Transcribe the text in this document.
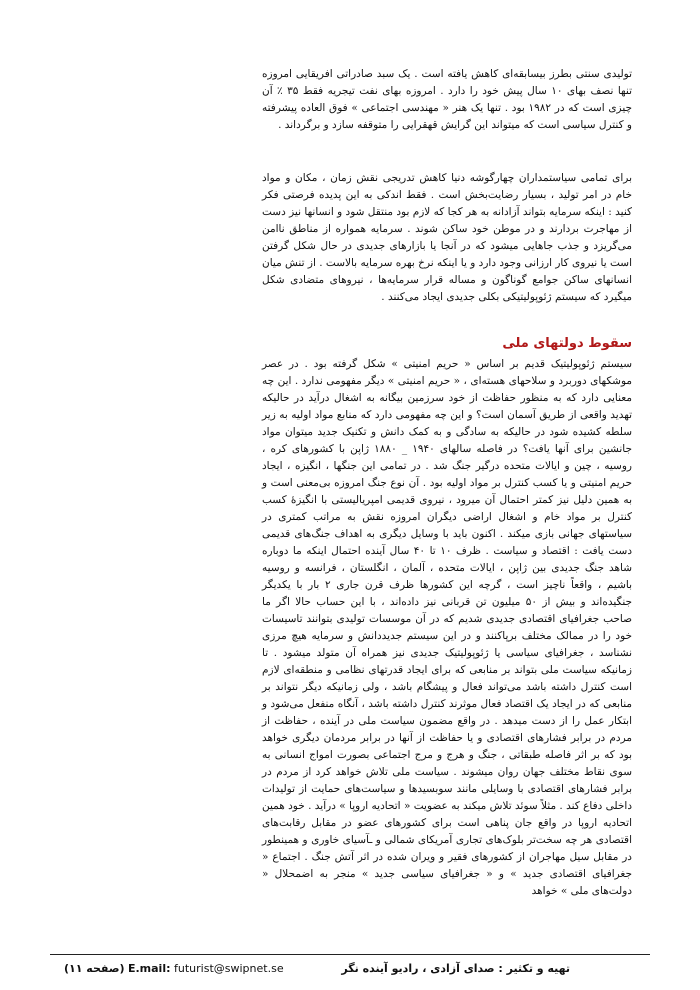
تولیدی سنتی بطرز بیسابقه‌ای کاهش یافته است . یک سبد صادراتی افریقایی امروزه تنها نصف بهای ۱۰ سال پیش خود را دارد . امروزه بهای نفت تیجریه فقط ۳۵ ٪ آن چیزی است که در ۱۹۸۲ بود . تنها یک هنر « مهندسی اجتماعی » فوق العاده پیشرفته و کنترل سیاسی است که میتواند این گرایش قهقرایی را متوقفه سازد و برگرداند .

برای تمامی سیاستمداران چهارگوشه دنیا کاهش تدریجی نقش زمان ، مکان و مواد خام در امر تولید ، بسیار رضایت‌بخش است . فقط اندکی به این پدیده فرصتی فکر کنید : اینکه سرمایه بتواند آزادانه به هر کجا که لازم بود منتقل شود و انسانها نیز دست از مهاجرت بردارند و در موطن خود ساکن شوند . سرمایه همواره از مناطق ناامن می‌گریزد و جذب جاهایی میشود که در آنجا یا بازارهای جدیدی در حال شکل گرفتن است یا نیروی کار ارزانی وجود دارد و یا اینکه نرخ بهره سرمایه بالاست . از تنش میان انسانهای ساکن جوامع گوناگون و مساله قرار سرمایه‌ها ، نیروهای متضادی شکل میگیرد که سیستم ژئوپولیتیکی بکلی جدیدی ایجاد می‌کنند .

سقوط دولتهای ملی

سیستم ژئوپولیتیک قدیم بر اساس « حریم امنیتی » شکل گرفته بود . در عصر موشکهای دوربرد و سلاحهای هسته‌ای ، « حریم امنیتی » دیگر مفهومی ندارد . این چه معنایی دارد که به منظور حفاظت از خود سرزمین بیگانه به اشغال درآید در حالیکه تهدید واقعی از طریق آسمان است؟ و این چه مفهومی دارد که منابع مواد اولیه به زیر سلطه کشیده شود در حالیکه به سادگی و به کمک دانش و تکنیک جدید میتوان مواد جانشین برای آنها یافت؟ در فاصله سالهای ۱۹۴۰ _ ۱۸۸۰ ژاپن با کشورهای کره ، روسیه ، چین و ایالات متحده درگیر جنگ شد . در تمامی این جنگها ، انگیزه ، ایجاد حریم امنیتی و یا کسب کنترل بر مواد اولیه بود . آن نوع جنگ امروزه بی‌معنی است و به همین دلیل نیز کمتر احتمال آن میرود ، نیروی قدیمی امپریالیستی با انگیزهٔ کسب کنترل بر مواد خام و اشغال اراضی دیگران امروزه نقش به مراتب کمتری در سیاستهای جهانی بازی میکند . اکنون باید با وسایل دیگری به اهداف جنگ‌های قدیمی دست یافت : اقتصاد و سیاست . ظرف ۱۰ تا ۴۰ سال آینده احتمال اینکه ما دوباره شاهد جنگ جدیدی بین ژاپن ، ایالات متحده ، آلمان ، انگلستان ، فرانسه و روسیه باشیم ، واقعاً ناچیز است ، گرچه این کشورها ظرف قرن جاری ۲ بار با یکدیگر جنگیده‌اند و بیش از ۵۰ میلیون تن قربانی نیز داده‌اند ، با این حساب حالا اگر ما صاحب جغرافیای اقتصادی جدیدی شدیم که در آن موسسات تولیدی بتوانند تاسیسات خود را در ممالک مختلف برپاکنند و در این سیستم جدیددانش و سرمایه هیچ مرزی نشناسد ، جغرافیای سیاسی یا ژئوپولیتیک جدیدی نیز همراه آن متولد میشود . تا زمانیکه سیاست ملی بتواند بر منابعی که برای ایجاد قدرتهای نظامی و منطقه‌ای لازم است کنترل داشته باشد می‌تواند فعال و پیشگام باشد ، ولی زمانیکه دیگر نتواند بر منابعی که در ایجاد یک اقتصاد فعال موثرند کنترل داشته باشد ، آنگاه منفعل می‌شود و ابتکار عمل را از دست میدهد . در واقع مضمون سیاست ملی در آینده ، حفاظت از مردم در برابر فشارهای اقتصادی و یا حفاظت از آنها در برابر مردمان دیگری خواهد بود که بر اثر فاصله طبقاتی ، جنگ و هرج و مرج اجتماعی بصورت امواج انسانی به سوی نقاط مختلف جهان روان میشوند . سیاست ملی تلاش خواهد کرد از مردم در برابر فشارهای اقتصادی با وسایلی مانند سوبسیدها و سیاست‌های حمایت از تولیدات داخلی دفاع کند . مثلاً سوئد تلاش میکند به عضویت « اتحادیه اروپا » درآید . خود همین اتحادیه اروپا در واقع جان پناهی است برای کشورهای عضو در مقابل رقابت‌های اقتصادی هر چه سخت‌تر بلوک‌های تجاری آمریکای شمالی و ـآسیای خاوری و همینطور در مقابل سیل مهاجران از کشورهای فقیر و ویران شده در اثر آتش جنگ . اجتماع « جغرافیای اقتصادی جدید » و « جغرافیای سیاسی جدید » منجر به اضمحلال « دولت‌های ملی » خواهد

تهیه و تکثیر : صدای آزادی ، رادیو آینده نگر
(صفحه ۱۱) E.mail: futurist@swipnet.se
